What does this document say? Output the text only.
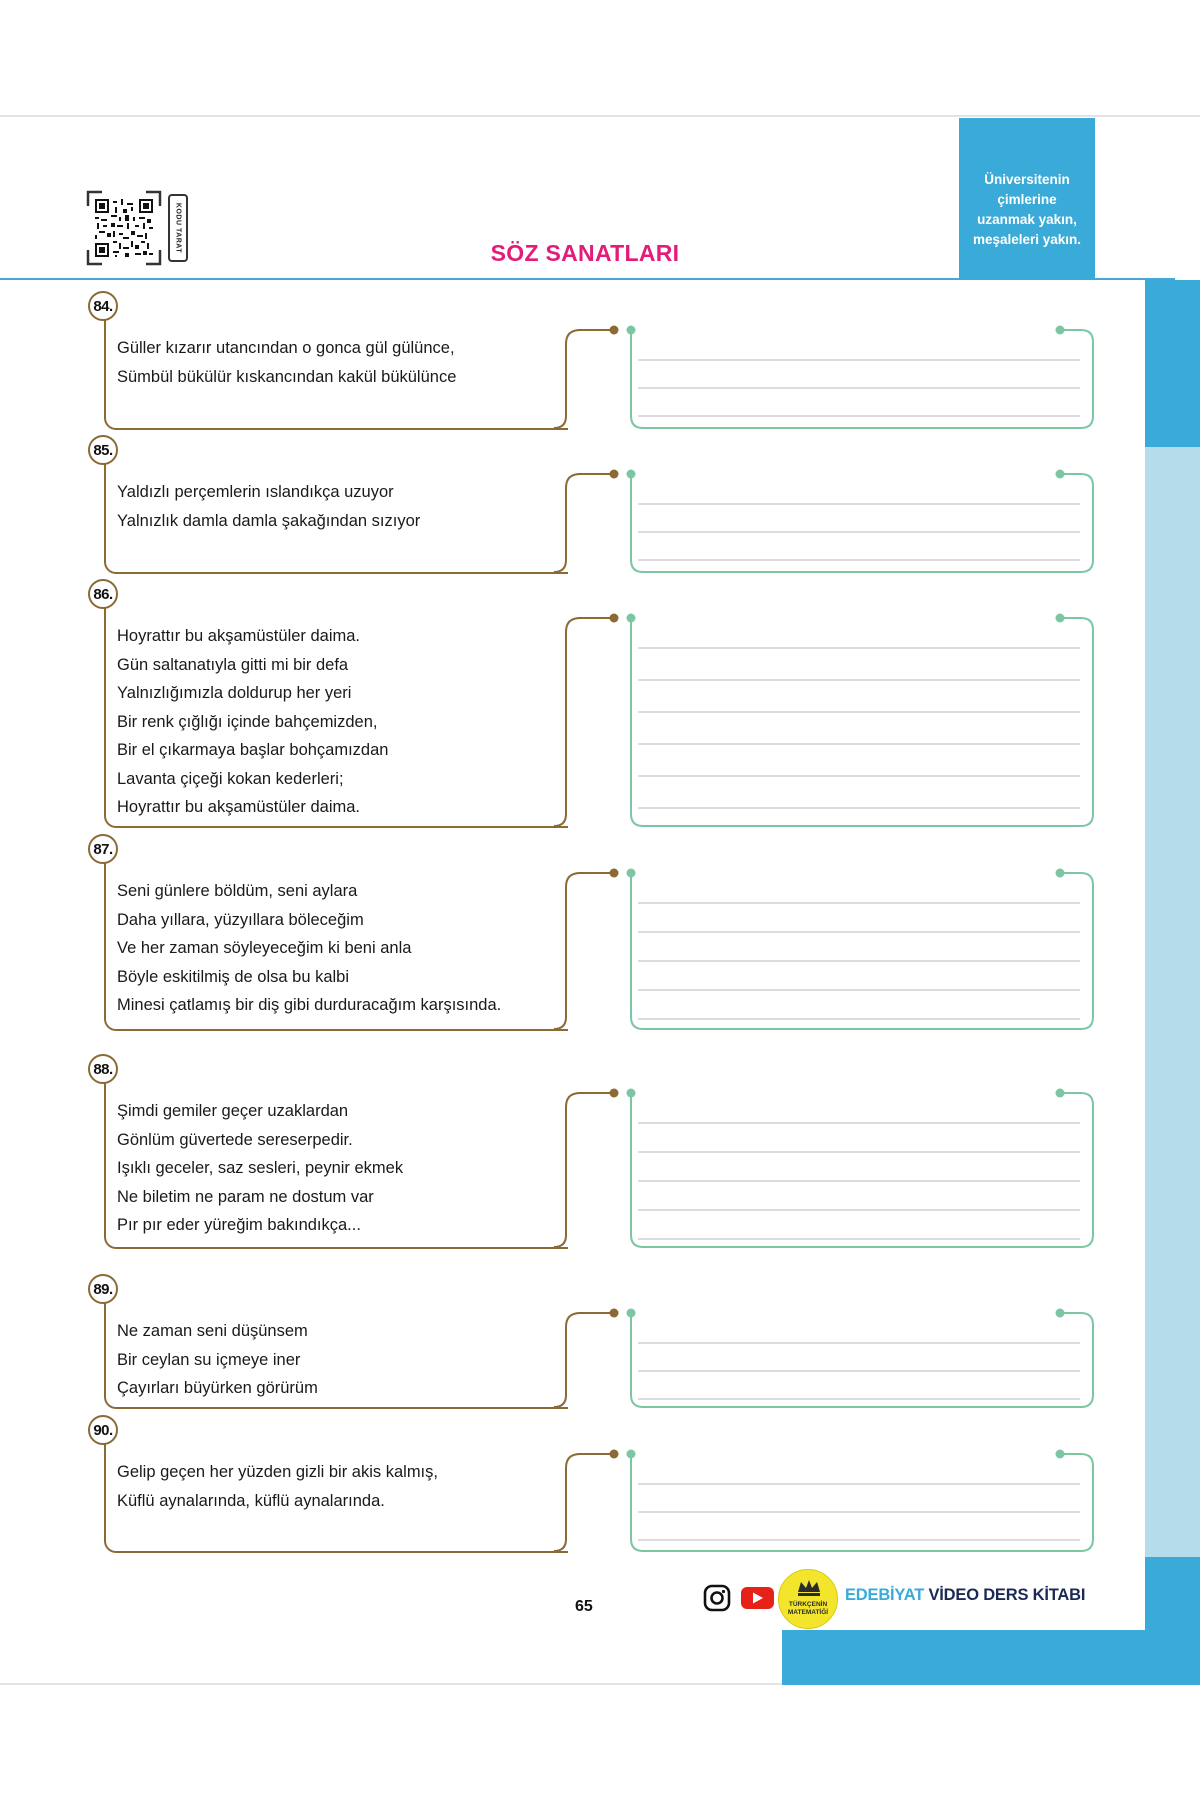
KODU TARAT	SÖZ SANATLARI
Üniversitenin
çimlerine
uzanmak yakın,
meşaleleri yakın.
84.
Güller kızarır utancından o gonca gül gülünce,
Sümbül bükülür kıskancından kakül bükülünce
85.
Yaldızlı perçemlerin ıslandıkça uzuyor
Yalnızlık damla damla şakağından sızıyor
86.
Hoyrattır bu akşamüstüler daima.
Gün saltanatıyla gitti mi bir defa
Yalnızlığımızla doldurup her yeri
Bir renk çığlığı içinde bahçemizden,
Bir el çıkarmaya başlar bohçamızdan
Lavanta çiçeği kokan kederleri;
Hoyrattır bu akşamüstüler daima.
87.
Seni günlere böldüm, seni aylara
Daha yıllara, yüzyıllara böleceğim
Ve her zaman söyleyeceğim ki beni anla
Böyle eskitilmiş de olsa bu kalbi
Minesi çatlamış bir diş gibi durduracağım karşısında.
88.
Şimdi gemiler geçer uzaklardan
Gönlüm güvertede sereserpedir.
Işıklı geceler, saz sesleri, peynir ekmek
Ne biletim ne param ne dostum var
Pır pır eder yüreğim bakındıkça...
89.
Ne zaman seni düşünsem
Bir ceylan su içmeye iner
Çayırları büyürken görürüm
90.
Gelip geçen her yüzden gizli bir akis kalmış,
Küflü aynalarında, küflü aynalarında.
65	TÜRKÇENİN
MATEMATİĞİ
EDEBİYAT VİDEO DERS KİTABI
